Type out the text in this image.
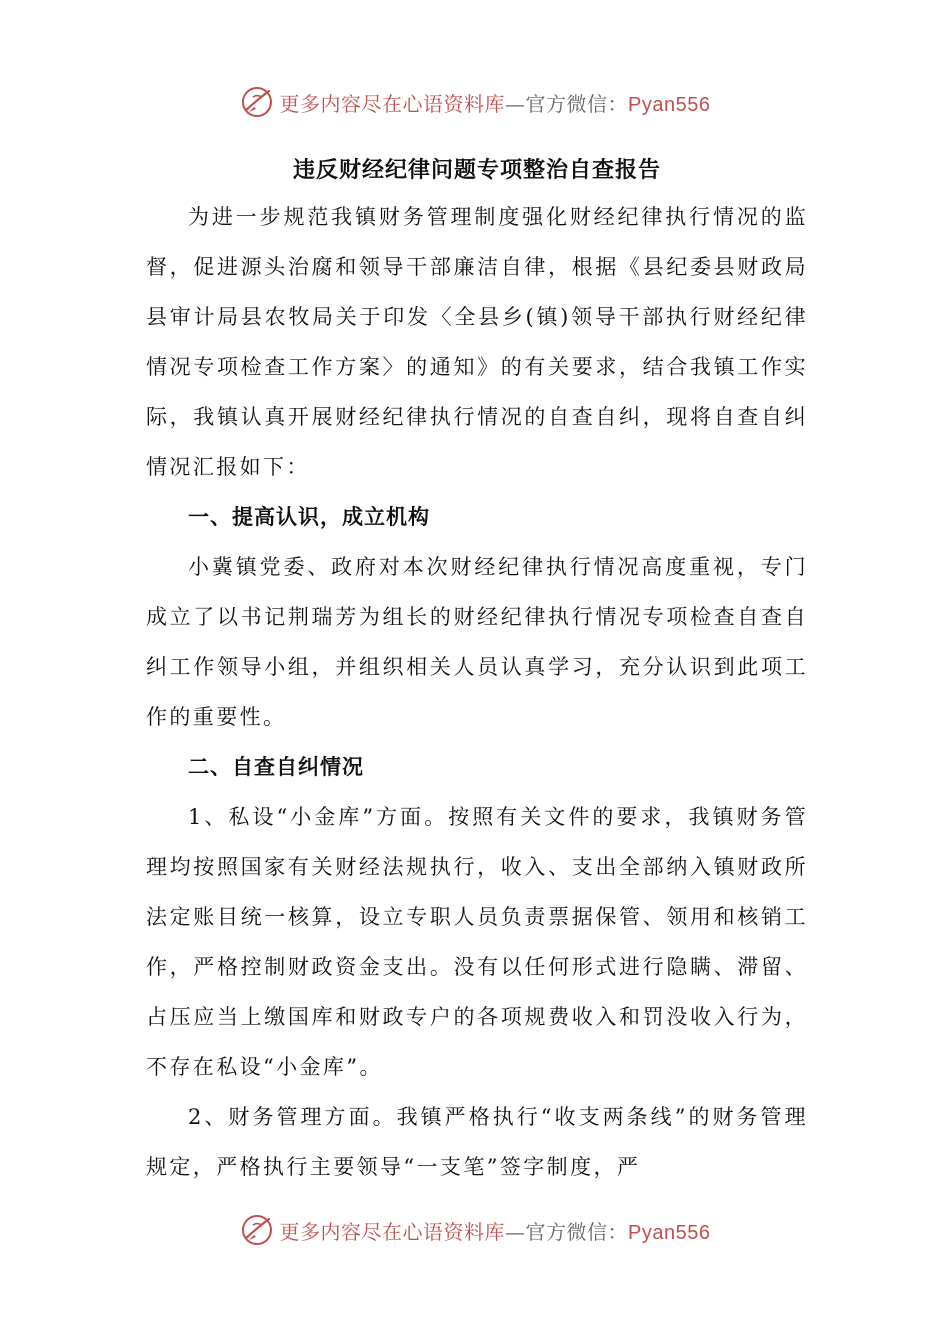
更多内容尽在心语资料库—官方微信：Pyan556
违反财经纪律问题专项整治自查报告

为进一步规范我镇财务管理制度强化财经纪律执行情况的监督，促进源头治腐和领导干部廉洁自律，根据《县纪委县财政局县审计局县农牧局关于印发〈全县乡(镇)领导干部执行财经纪律情况专项检查工作方案〉的通知》的有关要求，结合我镇工作实际，我镇认真开展财经纪律执行情况的自查自纠，现将自查自纠情况汇报如下：

一、提高认识，成立机构

小冀镇党委、政府对本次财经纪律执行情况高度重视，专门成立了以书记荆瑞芳为组长的财经纪律执行情况专项检查自查自纠工作领导小组，并组织相关人员认真学习，充分认识到此项工作的重要性。

二、自查自纠情况

1、私设“小金库”方面。按照有关文件的要求，我镇财务管理均按照国家有关财经法规执行，收入、支出全部纳入镇财政所法定账目统一核算，设立专职人员负责票据保管、领用和核销工作，严格控制财政资金支出。没有以任何形式进行隐瞒、滞留、占压应当上缴国库和财政专户的各项规费收入和罚没收入行为，不存在私设“小金库”。

2、财务管理方面。我镇严格执行“收支两条线”的财务管理规定，严格执行主要领导“一支笔”签字制度，严

更多内容尽在心语资料库—官方微信：Pyan556
